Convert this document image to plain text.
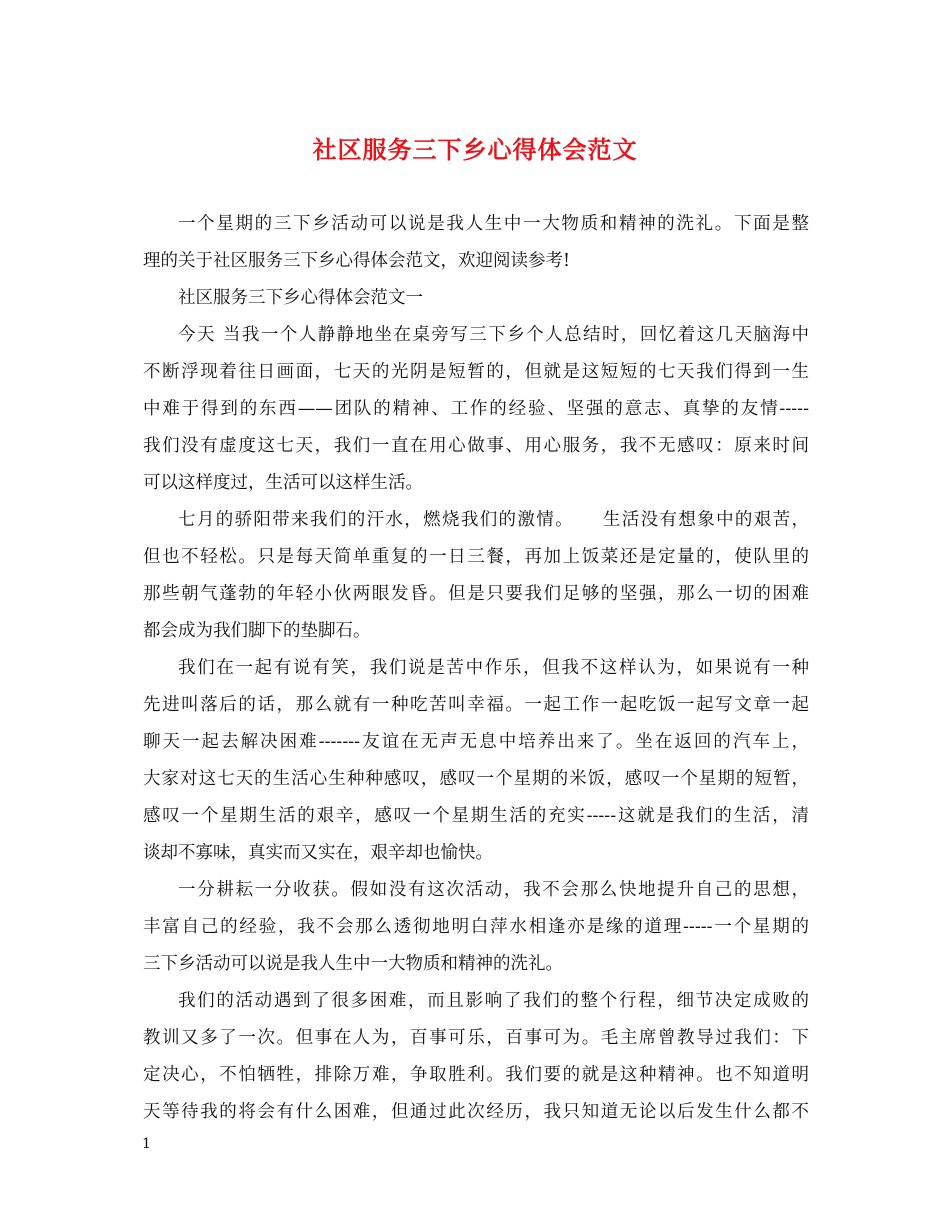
社区服务三下乡心得体会范文
一个星期的三下乡活动可以说是我人生中一大物质和精神的洗礼。下面是整
理的关于社区服务三下乡心得体会范文，欢迎阅读参考!
社区服务三下乡心得体会范文一
今天 当我一个人静静地坐在桌旁写三下乡个人总结时，回忆着这几天脑海中
不断浮现着往日画面，七天的光阴是短暂的，但就是这短短的七天我们得到一生
中难于得到的东西——团队的精神、工作的经验、坚强的意志、真挚的友情-----
我们没有虚度这七天，我们一直在用心做事、用心服务，我不无感叹：原来时间
可以这样度过，生活可以这样生活。
七月的骄阳带来我们的汗水，燃烧我们的激情。　　生活没有想象中的艰苦，
但也不轻松。只是每天简单重复的一日三餐，再加上饭菜还是定量的，使队里的
那些朝气蓬勃的年轻小伙两眼发昏。但是只要我们足够的坚强，那么一切的困难
都会成为我们脚下的垫脚石。
我们在一起有说有笑，我们说是苦中作乐，但我不这样认为，如果说有一种
先进叫落后的话，那么就有一种吃苦叫幸福。一起工作一起吃饭一起写文章一起
聊天一起去解决困难-------友谊在无声无息中培养出来了。坐在返回的汽车上，
大家对这七天的生活心生种种感叹，感叹一个星期的米饭，感叹一个星期的短暂，
感叹一个星期生活的艰辛，感叹一个星期生活的充实-----这就是我们的生活，清
谈却不寡味，真实而又实在，艰辛却也愉快。
一分耕耘一分收获。假如没有这次活动，我不会那么快地提升自己的思想，
丰富自己的经验，我不会那么透彻地明白萍水相逢亦是缘的道理-----一个星期的
三下乡活动可以说是我人生中一大物质和精神的洗礼。
我们的活动遇到了很多困难，而且影响了我们的整个行程，细节决定成败的
教训又多了一次。但事在人为，百事可乐，百事可为。毛主席曾教导过我们：下
定决心，不怕牺牲，排除万难，争取胜利。我们要的就是这种精神。也不知道明
天等待我的将会有什么困难，但通过此次经历，我只知道无论以后发生什么都不
1
